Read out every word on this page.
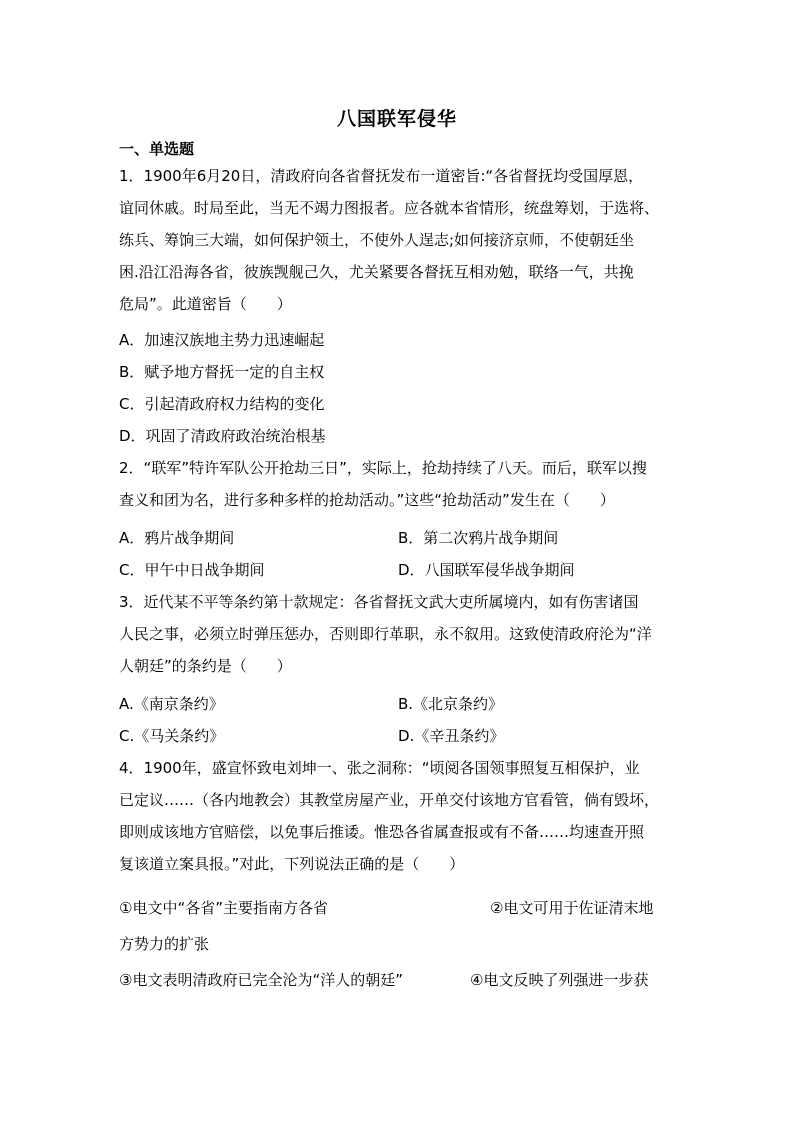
八国联军侵华
一、单选题
1．1900年6月20日，清政府向各省督抚发布一道密旨:“各省督抚均受国厚恩，
谊同休戚。时局至此，当无不竭力图报者。应各就本省情形，统盘筹划，于选将、
练兵、筹饷三大端，如何保护领土，不使外人逞志;如何接济京师，不使朝廷坐
困.沿江沿海各省，彼族觊舰己久，尤关紧要各督抚互相劝勉，联络一气，共挽
危局”。此道密旨（　　）
A．加速汉族地主势力迅速崛起
B．赋予地方督抚一定的自主权
C．引起清政府权力结构的变化
D．巩固了清政府政治统治根基
2．“联军”特许军队公开抢劫三日”，实际上，抢劫持续了八天。而后，联军以搜
查义和团为名，进行多种多样的抢劫活动。”这些“抢劫活动”发生在（　　）
A．鸦片战争期间	B．第二次鸦片战争期间
C．甲午中日战争期间	D．八国联军侵华战争期间
3．近代某不平等条约第十款规定：各省督抚文武大吏所属境内，如有伤害诸国
人民之事，必须立时弹压惩办，否则即行革职，永不叙用。这致使清政府沦为“洋
人朝廷”的条约是（　　）
A.《南京条约》	B.《北京条约》
C.《马关条约》	D.《辛丑条约》
4．1900年，盛宣怀致电刘坤一、张之洞称：“顷阅各国领事照复互相保护，业
已定议……（各内地教会）其教堂房屋产业，开单交付该地方官看管，倘有毁坏，
即则成该地方官赔偿，以免事后推诿。惟恐各省属查报或有不备……均速查开照
复该道立案具报。”对此，下列说法正确的是（　　）
①电文中“各省”主要指南方各省	②电文可用于佐证清末地
方势力的扩张
③电文表明清政府已完全沦为“洋人的朝廷”	④电文反映了列强进一步获
